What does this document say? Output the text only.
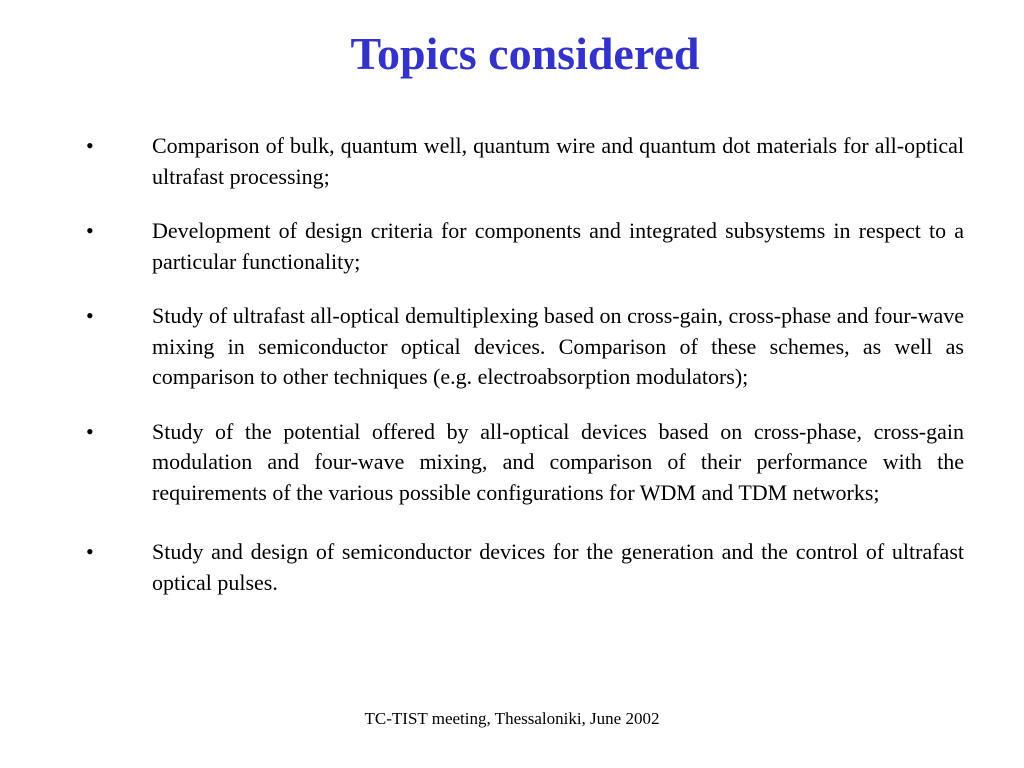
Topics considered
•	Comparison of bulk, quantum well, quantum wire and quantum dot materials for all-optical ultrafast processing;
•	Development of design criteria for components and integrated subsystems in respect to a particular functionality;
•	Study of ultrafast all-optical demultiplexing based on cross-gain, cross-phase and four-wave mixing in semiconductor optical devices. Comparison of these schemes, as well as comparison to other techniques (e.g. electroabsorption modulators);
•	Study of the potential offered by all-optical devices based on cross-phase, cross-gain modulation and four-wave mixing, and comparison of their performance with the requirements of the various possible configurations for WDM and TDM networks;
•	Study and design of semiconductor devices for the generation and the control of ultrafast optical pulses.
TC-TIST meeting, Thessaloniki, June 2002
